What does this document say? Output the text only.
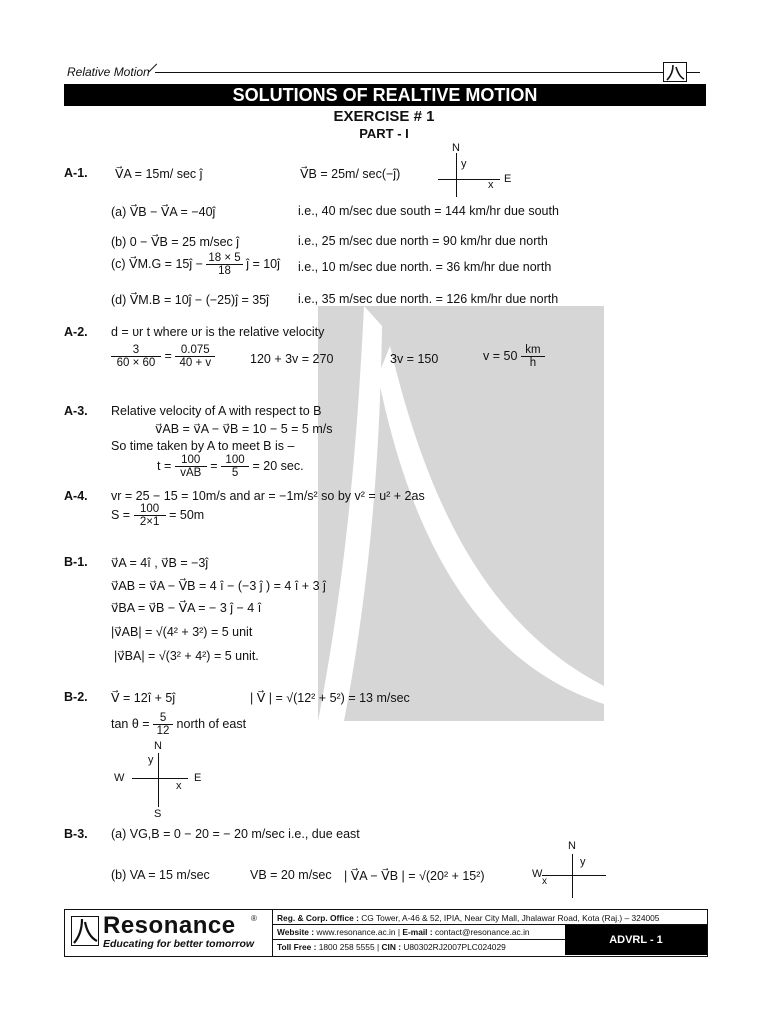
Relative Motion
SOLUTIONS OF REALTIVE MOTION
EXERCISE # 1
PART - I
A-1. V⃗A = 15m/ sec ĵ	V⃗B = 25m/ sec(−ĵ)
N
y
x E
(a) V⃗B − V⃗A = −40ĵ	i.e., 40 m/sec due south = 144 km/hr due south
(b) 0 − V⃗B = 25 m/sec ĵ	i.e., 25 m/sec due north = 90 km/hr due north
(c) V⃗M.G = 15ĵ − $\frac{18 \times 5}{18}$ ĵ = 10ĵ i.e., 10 m/sec due north. = 36 km/hr due north
(d) V⃗M.B = 10ĵ − (−25)ĵ = 35ĵ i.e., 35 m/sec due north. = 126 km/hr due north
A-2. d = υr t where υr is the relative velocity
$\frac{3}{60 \times 60} = \frac{0.075}{40 + v}$	120 + 3v = 270	3v = 150	$v = 50 \frac{km}{h}$
A-3. Relative velocity of A with respect to B
v⃗AB = v⃗A − v⃗B = 10 − 5 = 5 m/s
So time taken by A to meet B is –
$t = \frac{100}{\text{vAB}} = \frac{100}{5} = 20$ sec.
A-4. vr = 25 − 15 = 10m/s and ar = −1m/s² so by v² = u² + 2as
$S = \frac{100}{2\times 1} = 50m$
B-1. v⃗A = 4î , v⃗B = −3ĵ
v⃗AB = v⃗A − V⃗B = 4 î − (−3 ĵ ) = 4 î + 3 ĵ
v⃗BA = v⃗B − V⃗A = − 3 ĵ − 4 î
|v⃗AB| = √(4² + 3²) = 5 unit
|v⃗BA| = √(3² + 4²) = 5 unit.
B-2. V⃗ = 12î + 5ĵ	| V⃗ | = √(12² + 5²) = 13 m/sec
$\tan \theta = \frac{5}{12}$ north of east
N
y
W	E
x
S
B-3. (a) VG,B = 0 − 20 = − 20 m/sec i.e., due east
(b) VA = 15 m/sec	VB = 20 m/sec | V⃗A − V⃗B | = √(20² + 15²)
N
y
W
x
Resonance ®
Educating for better tomorrow
Reg. & Corp. Office : CG Tower, A-46 & 52, IPIA, Near City Mall, Jhalawar Road, Kota (Raj.) – 324005
Website : www.resonance.ac.in | E-mail : contact@resonance.ac.in
Toll Free : 1800 258 5555 | CIN : U80302RJ2007PLC024029
ADVRL - 1
